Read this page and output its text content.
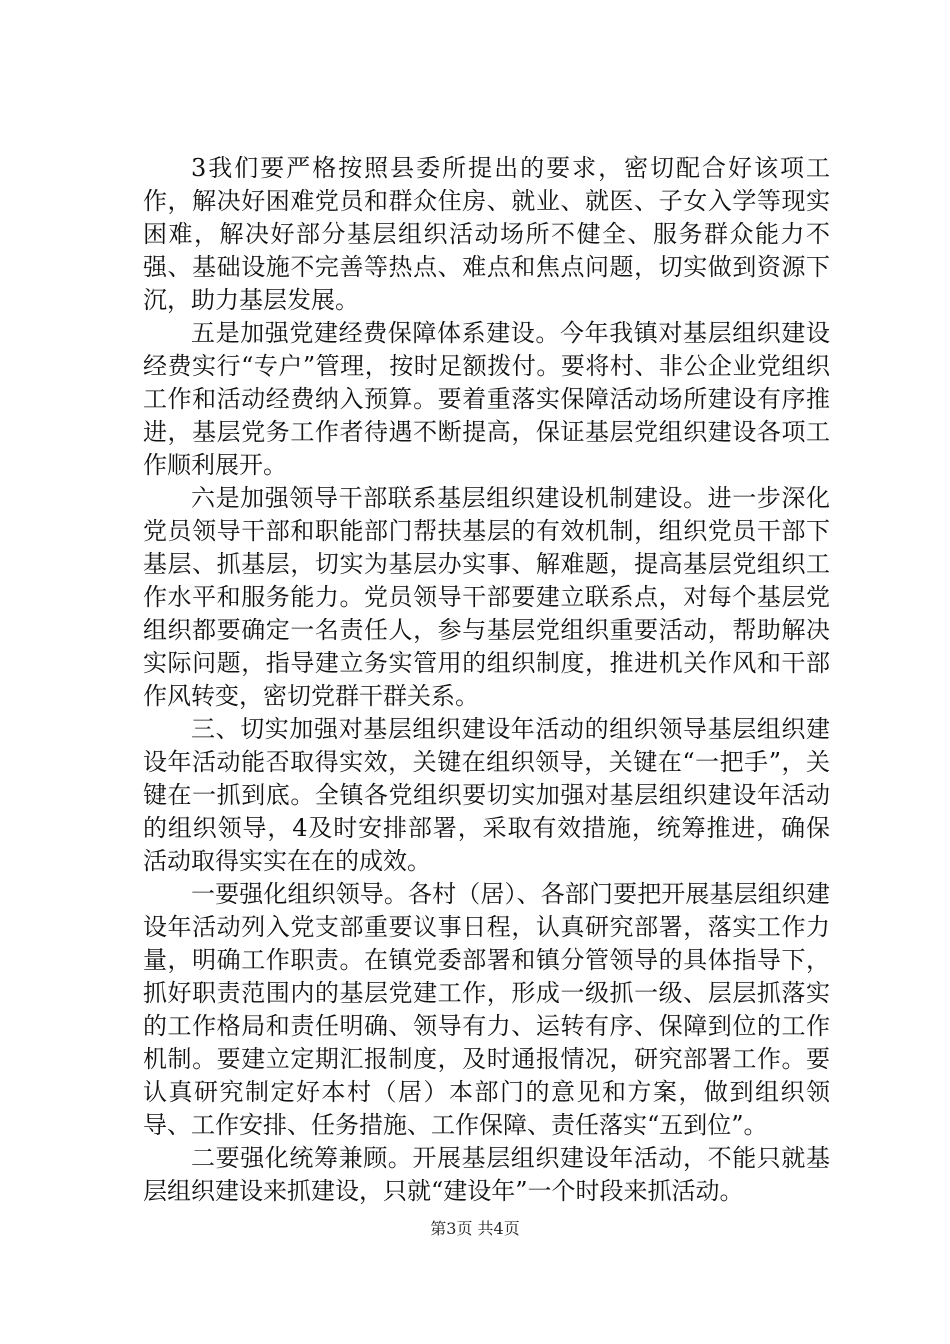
3我们要严格按照县委所提出的要求，密切配合好该项工作，解决好困难党员和群众住房、就业、就医、子女入学等现实困难，解决好部分基层组织活动场所不健全、服务群众能力不强、基础设施不完善等热点、难点和焦点问题，切实做到资源下沉，助力基层发展。

五是加强党建经费保障体系建设。今年我镇对基层组织建设经费实行“专户”管理，按时足额拨付。要将村、非公企业党组织工作和活动经费纳入预算。要着重落实保障活动场所建设有序推进，基层党务工作者待遇不断提高，保证基层党组织建设各项工作顺利展开。

六是加强领导干部联系基层组织建设机制建设。进一步深化党员领导干部和职能部门帮扶基层的有效机制，组织党员干部下基层、抓基层，切实为基层办实事、解难题，提高基层党组织工作水平和服务能力。党员领导干部要建立联系点，对每个基层党组织都要确定一名责任人，参与基层党组织重要活动，帮助解决实际问题，指导建立务实管用的组织制度，推进机关作风和干部作风转变，密切党群干群关系。

三、切实加强对基层组织建设年活动的组织领导基层组织建设年活动能否取得实效，关键在组织领导，关键在“一把手”，关键在一抓到底。全镇各党组织要切实加强对基层组织建设年活动的组织领导，4及时安排部署，采取有效措施，统筹推进，确保活动取得实实在在的成效。

一要强化组织领导。各村（居）、各部门要把开展基层组织建设年活动列入党支部重要议事日程，认真研究部署，落实工作力量，明确工作职责。在镇党委部署和镇分管领导的具体指导下，抓好职责范围内的基层党建工作，形成一级抓一级、层层抓落实的工作格局和责任明确、领导有力、运转有序、保障到位的工作机制。要建立定期汇报制度，及时通报情况，研究部署工作。要认真研究制定好本村（居）本部门的意见和方案，做到组织领导、工作安排、任务措施、工作保障、责任落实“五到位”。

二要强化统筹兼顾。开展基层组织建设年活动，不能只就基层组织建设来抓建设，只就“建设年”一个时段来抓活动。

第3页 共4页
